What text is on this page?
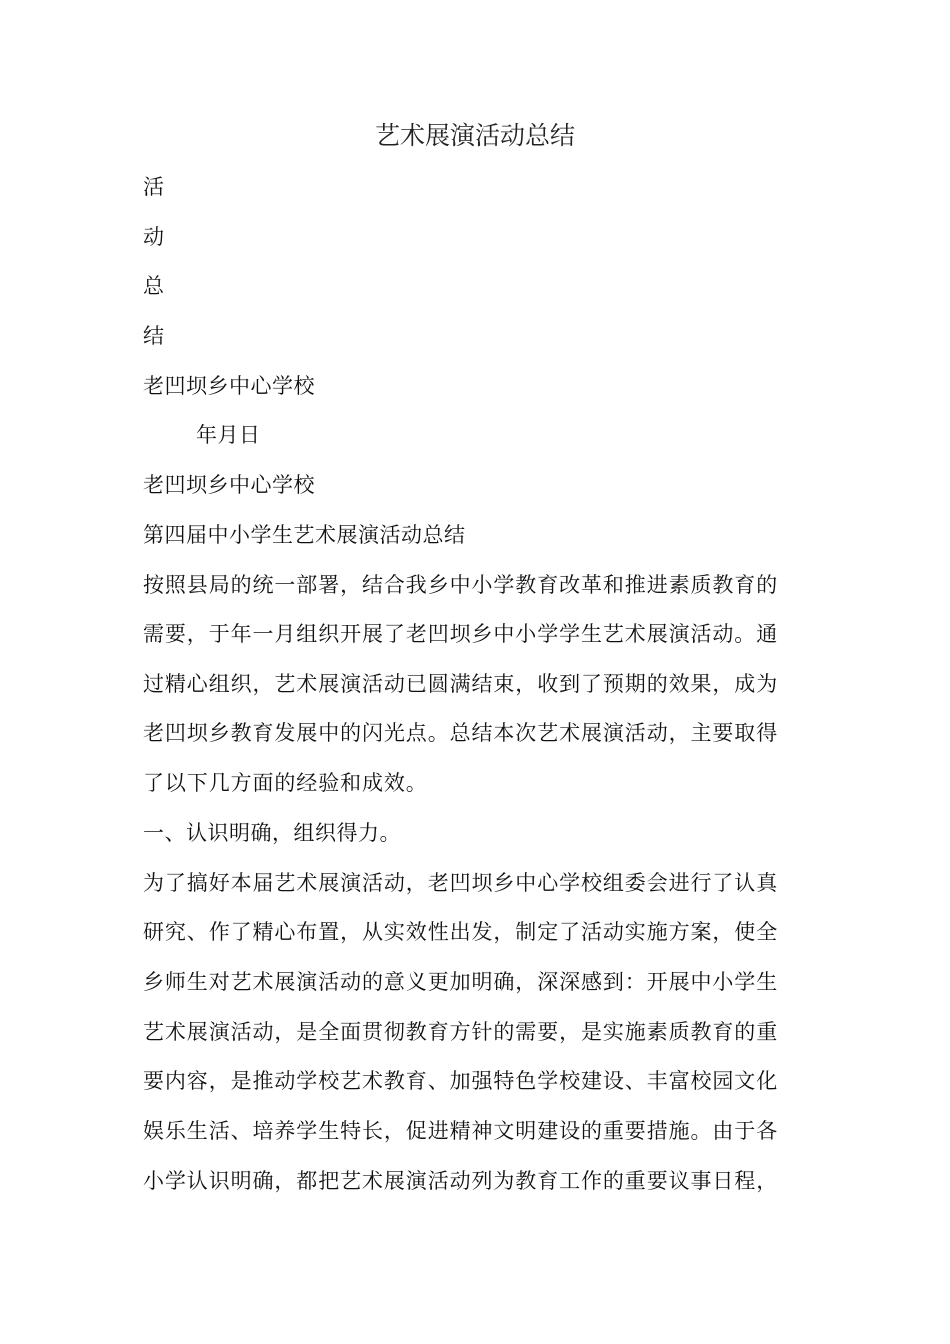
艺术展演活动总结
活
动
总
结
老凹坝乡中心学校
年月日
老凹坝乡中心学校
第四届中小学生艺术展演活动总结
按照县局的统一部署，结合我乡中小学教育改革和推进素质教育的
需要，于年一月组织开展了老凹坝乡中小学学生艺术展演活动。通
过精心组织，艺术展演活动已圆满结束，收到了预期的效果，成为
老凹坝乡教育发展中的闪光点。总结本次艺术展演活动，主要取得
了以下几方面的经验和成效。
一、认识明确，组织得力。
为了搞好本届艺术展演活动，老凹坝乡中心学校组委会进行了认真
研究、作了精心布置，从实效性出发，制定了活动实施方案，使全
乡师生对艺术展演活动的意义更加明确，深深感到：开展中小学生
艺术展演活动，是全面贯彻教育方针的需要，是实施素质教育的重
要内容，是推动学校艺术教育、加强特色学校建设、丰富校园文化
娱乐生活、培养学生特长，促进精神文明建设的重要措施。由于各
小学认识明确，都把艺术展演活动列为教育工作的重要议事日程，
